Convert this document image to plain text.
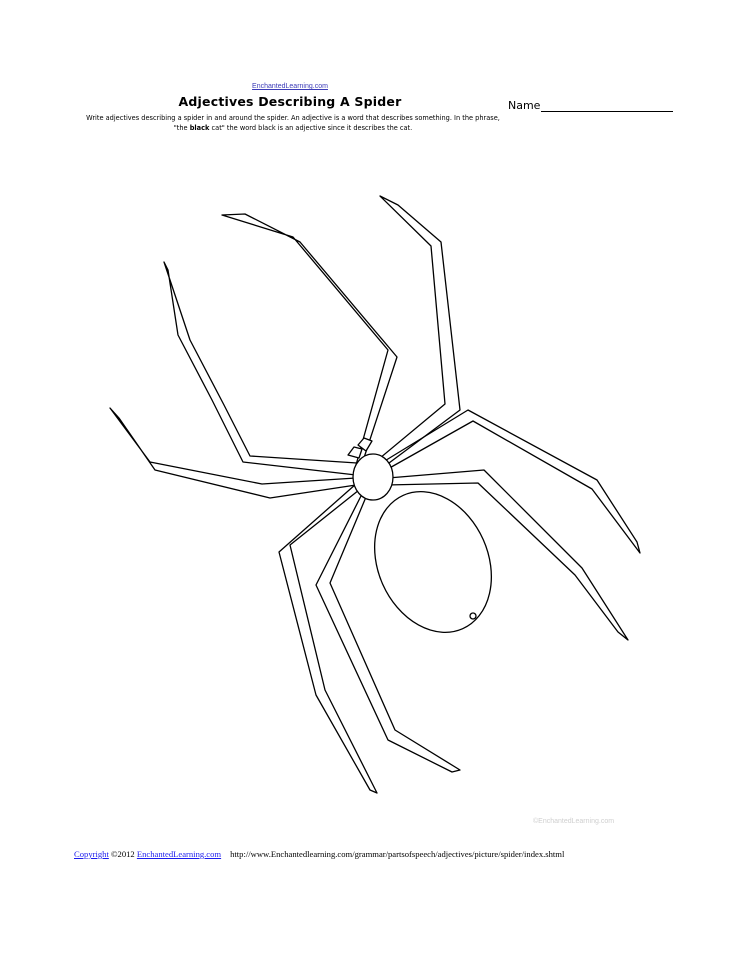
EnchantedLearning.com
Adjectives Describing A Spider	Name
Write adjectives describing a spider in and around the spider. An adjective is a word that describes something. In the phrase, "the black cat" the word black is an adjective since it describes the cat.
©EnchantedLearning.com
Copyright ©2012 EnchantedLearning.com http://www.Enchantedlearning.com/grammar/partsofspeech/adjectives/picture/spider/index.shtml
